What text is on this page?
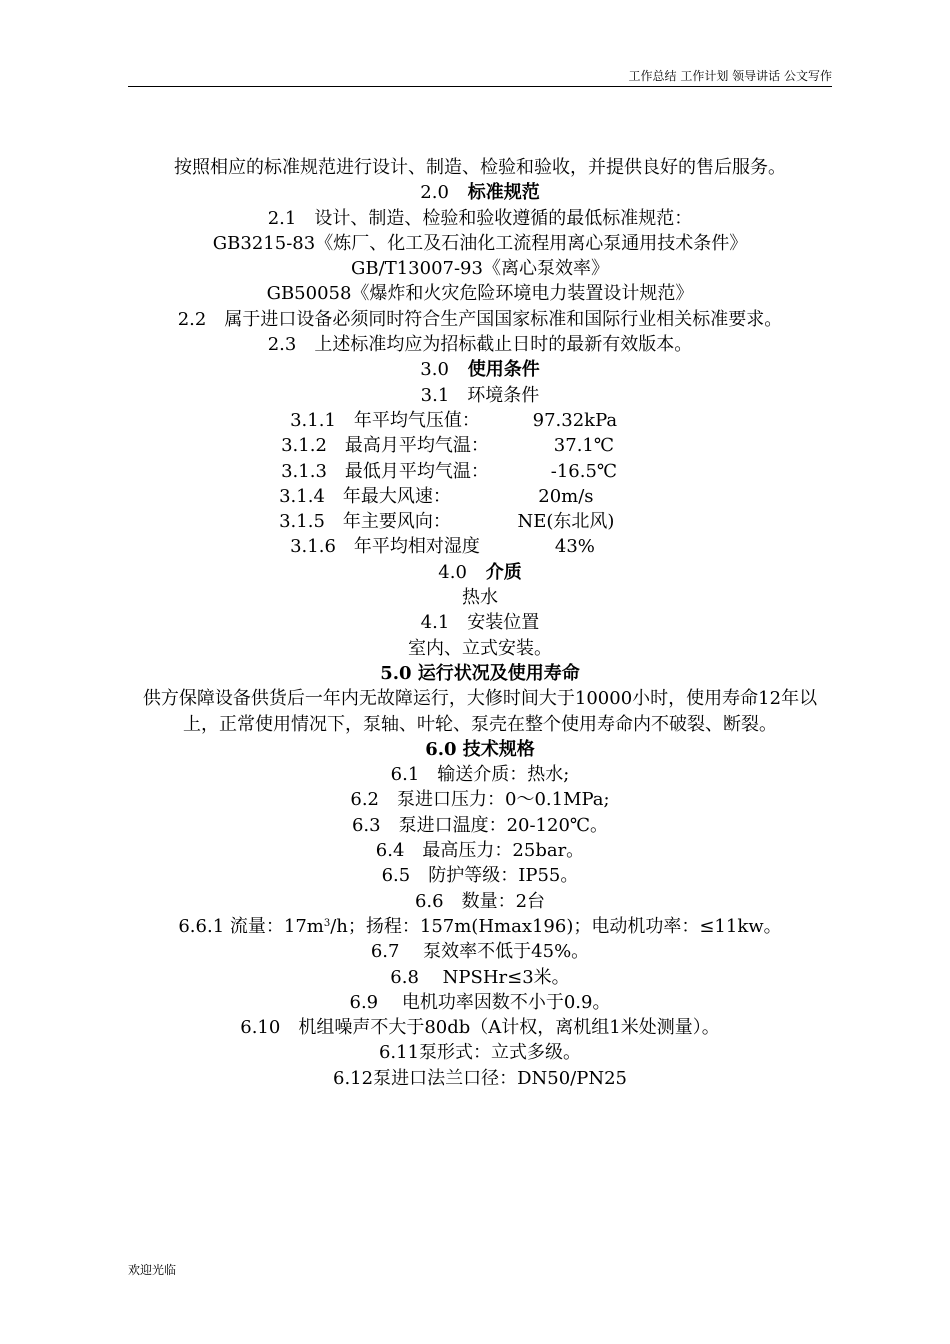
工作总结 工作计划 领导讲话 公文写作

按照相应的标准规范进行设计、制造、检验和验收，并提供良好的售后服务。

2.0 标准规范

2.1　设计、制造、检验和验收遵循的最低标准规范：

GB3215-83《炼厂、化工及石油化工流程用离心泵通用技术条件》

GB/T13007-93《离心泵效率》

GB50058《爆炸和火灾危险环境电力装置设计规范》

2.2　属于进口设备必须同时符合生产国国家标准和国际行业相关标准要求。

2.3　上述标准均应为招标截止日时的最新有效版本。

3.0 使用条件

3.1　环境条件

3.1.1　年平均气压值：	97.32kPa

3.1.2　最高月平均气温：	37.1℃

3.1.3　最低月平均气温：	-16.5℃

3.1.4　年最大风速：	20m/s

3.1.5　年主要风向：	NE(东北风)

3.1.6　年平均相对湿度	43%

4.0 介质

热水

4.1　安装位置

室内、立式安装。

5.0 运行状况及使用寿命

供方保障设备供货后一年内无故障运行，大修时间大于10000小时，使用寿命12年以上，正常使用情况下，泵轴、叶轮、泵壳在整个使用寿命内不破裂、断裂。

6.0 技术规格

6.1　输送介质：热水;

6.2　泵进口压力：0～0.1MPa;

6.3　泵进口温度：20-120℃。

6.4　最高压力：25bar。

6.5　防护等级：IP55。

6.6　数量：2台

6.6.1 流量：$17m^3/h$；扬程：157m(Hmax196)；电动机功率：≤11kw。

6.7　 泵效率不低于45%。

6.8　 NPSHr≤3米。

6.9　 电机功率因数不小于0.9。

6.10　机组噪声不大于80db（A计权，离机组1米处测量）。

6.11泵形式：立式多级。

6.12泵进口法兰口径：DN50/PN25

欢迎光临
